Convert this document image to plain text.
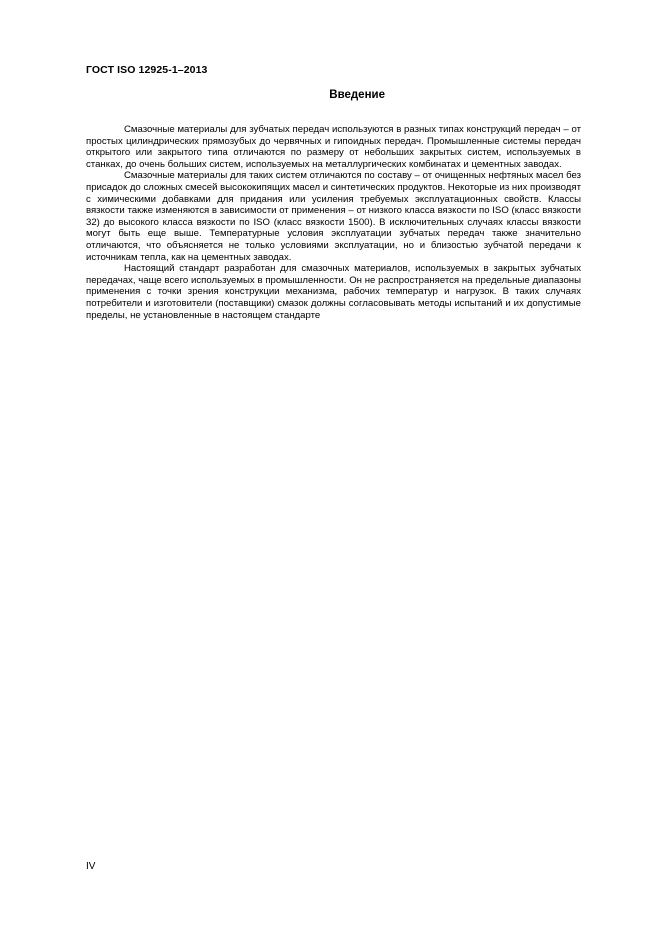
ГОСТ ISO 12925-1–2013
Введение

Смазочные материалы для зубчатых передач используются в разных типах конструкций передач – от простых цилиндрических прямозубых до червячных и гипоидных передач. Промышленные системы передач открытого или закрытого типа отличаются по размеру от небольших закрытых систем, используемых в станках, до очень больших систем, используемых на металлургических комбинатах и цементных заводах.

Смазочные материалы для таких систем отличаются по составу – от очищенных нефтяных масел без присадок до сложных смесей высококипящих масел и синтетических продуктов. Некоторые из них производят с химическими добавками для придания или усиления требуемых эксплуатационных свойств. Классы вязкости также изменяются в зависимости от применения – от низкого класса вязкости по ISO (класс вязкости 32) до высокого класса вязкости по ISO (класс вязкости 1500). В исключительных случаях классы вязкости могут быть еще выше. Температурные условия эксплуатации зубчатых передач также значительно отличаются, что объясняется не только условиями эксплуатации, но и близостью зубчатой передачи к источникам тепла, как на цементных заводах.

Настоящий стандарт разработан для смазочных материалов, используемых в закрытых зубчатых передачах, чаще всего используемых в промышленности. Он не распространяется на предельные диапазоны применения с точки зрения конструкции механизма, рабочих температур и нагрузок. В таких случаях потребители и изготовители (поставщики) смазок должны согласовывать методы испытаний и их допустимые пределы, не установленные в настоящем стандарте

IV
